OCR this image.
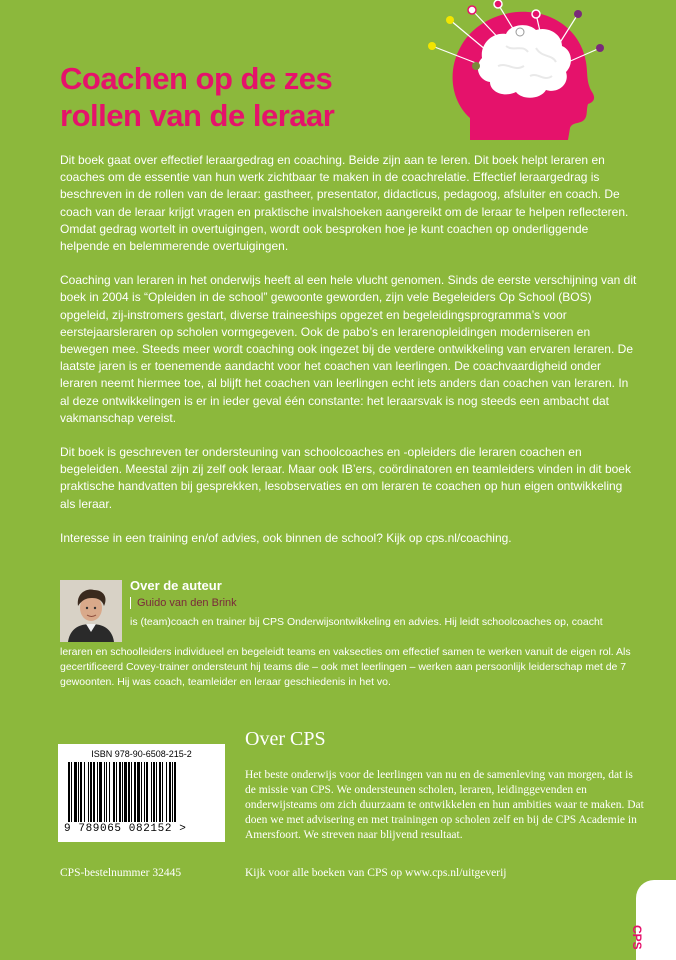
Coachen op de zes rollen van de leraar

Dit boek gaat over effectief leraargedrag en coaching. Beide zijn aan te leren. Dit boek helpt leraren en coaches om de essentie van hun werk zichtbaar te maken in de coachrelatie. Effectief leraargedrag is beschreven in de rollen van de leraar: gastheer, presentator, didacticus, pedagoog, afsluiter en coach. De coach van de leraar krijgt vragen en praktische invalshoeken aangereikt om de leraar te helpen reflecteren. Omdat gedrag wortelt in overtuigingen, wordt ook besproken hoe je kunt coachen op onderliggende helpende en belemmerende overtuigingen.

Coaching van leraren in het onderwijs heeft al een hele vlucht genomen. Sinds de eerste verschijning van dit boek in 2004 is “Opleiden in de school” gewoonte geworden, zijn vele Begeleiders Op School (BOS) opgeleid, zij-instromers gestart, diverse traineeships opgezet en begeleidingsprogramma’s voor eerstejaarsleraren op scholen vormgegeven. Ook de pabo’s en lerarenopleidingen moderniseren en bewegen mee. Steeds meer wordt coaching ook ingezet bij de verdere ontwikkeling van ervaren leraren. De laatste jaren is er toenemende aandacht voor het coachen van leerlingen. De coachvaardigheid onder leraren neemt hiermee toe, al blijft het coachen van leerlingen echt iets anders dan coachen van leraren. In al deze ontwikkelingen is er in ieder geval één constante: het leraarsvak is nog steeds een ambacht dat vakmanschap vereist.

Dit boek is geschreven ter ondersteuning van schoolcoaches en -opleiders die leraren coachen en begeleiden. Meestal zijn zij zelf ook leraar. Maar ook IB’ers, coördinatoren en teamleiders vinden in dit boek praktische handvatten bij gesprekken, lesobservaties en om leraren te coachen op hun eigen ontwikkeling als leraar.

Interesse in een training en/of advies, ook binnen de school? Kijk op cps.nl/coaching.

Over de auteur
Guido van den Brink
is (team)coach en trainer bij CPS Onderwijsontwikkeling en advies. Hij leidt schoolcoaches op, coacht
leraren en schoolleiders individueel en begeleidt teams en vaksecties om effectief samen te werken vanuit de eigen rol. Als gecertificeerd Covey-trainer ondersteunt hij teams die – ook met leerlingen – werken aan persoonlijk leiderschap met de 7 gewoonten. Hij was coach, teamleider en leraar geschiedenis in het vo.
ISBN 978-90-6508-215-2
9 789065 082152 >
CPS-bestelnummer 32445
Over CPS
Het beste onderwijs voor de leerlingen van nu en de samenleving van morgen, dat is de missie van CPS. We ondersteunen scholen, leraren, leidinggevenden en onderwijsteams om zich duurzaam te ontwikkelen en hun ambities waar te maken. Dat doen we met advisering en met trainingen op scholen zelf en bij de CPS Academie in Amersfoort. We streven naar blijvend resultaat.
Kijk voor alle boeken van CPS op www.cps.nl/uitgeverij
CPS
